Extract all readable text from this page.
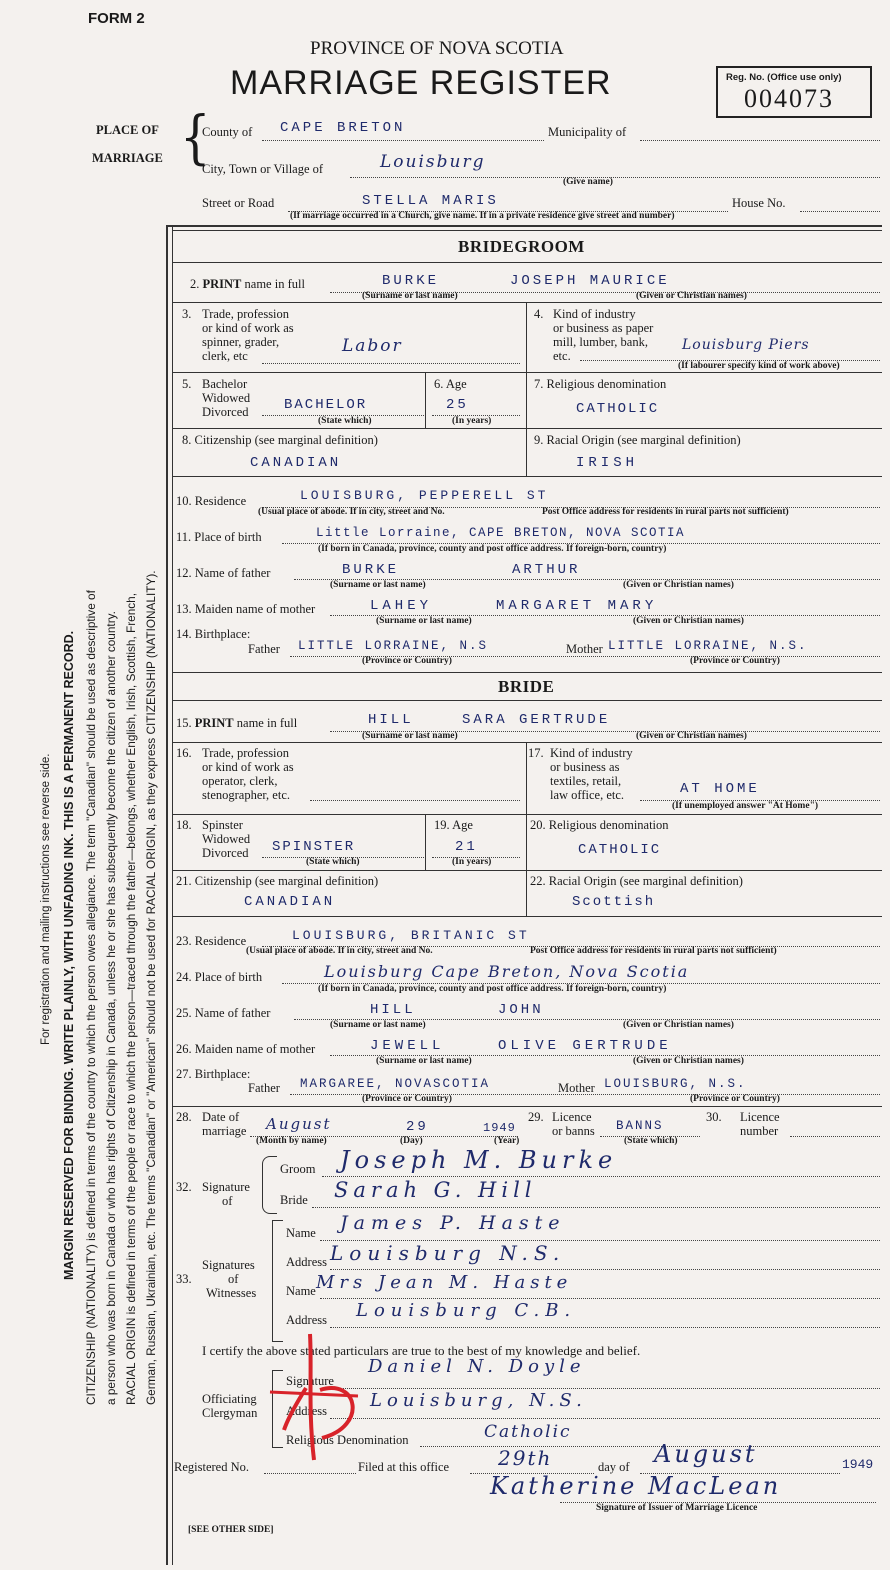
FORM 2
PROVINCE OF NOVA SCOTIA
MARRIAGE REGISTER	Reg. No. (Office use only)
004073
For registration and mailing instructions see reverse side. MARGIN RESERVED FOR BINDING. WRITE PLAINLY, WITH UNFADING INK. THIS IS A PERMANENT RECORD. CITIZENSHIP (NATIONALITY) is defined in terms of the country to which the person owes allegiance. The term "Canadian" should be used as descriptive of a person who was born in Canada or who has rights of Citizenship in Canada, unless he or she has subsequently become the citizen of another country. RACIAL ORIGIN is defined in terms of the people or race to which the person—traced through the father—belongs, whether English, Irish, Scottish, French, German, Russian, Ukrainian, etc. The terms "Canadian" or "American" should not be used for RACIAL ORIGIN, as they express CITIZENSHIP (NATIONALITY).
PLACE OF
MARRIAGE {
County of CAPE BRETON	Municipality of
City, Town or Village of	Louisburg
(Give name)
Street or Road	STELLA MARIS	House No.
(If marriage occurred in a Church, give name. If in a private residence give street and number)
BRIDEGROOM
2. PRINT name in full	BURKE	JOSEPH MAURICE
(Surname or last name)	(Given or Christian names)
3. Trade, profession
or kind of work as
spinner, grader,
clerk, etc	Labor
4. Kind of industry
or business as paper
mill, lumber, bank,
etc.
Louisburg Piers
(If labourer specify kind of work above)
5. Bachelor
Widowed
Divorced	BACHELOR
(State which)
6. Age
25
(In years)
7. Religious denomination
CATHOLIC
8. Citizenship (see marginal definition)
CANADIAN
9. Racial Origin (see marginal definition)
IRISH
10. Residence	LOUISBURG, PEPPERELL ST
(Usual place of abode. If in city, street and No.	Post Office address for residents in rural parts not sufficient)
11. Place of birth	Little Lorraine, CAPE BRETON, NOVA SCOTIA
(If born in Canada, province, county and post office address. If foreign-born, country)
12. Name of father	BURKE	ARTHUR
(Surname or last name)	(Given or Christian names)
13. Maiden name of mother	LAHEY	MARGARET MARY
(Surname or last name)	(Given or Christian names)
14. Birthplace:
Father LITTLE LORRAINE, N.S	Mother LITTLE LORRAINE, N.S.
(Province or Country)	(Province or Country)
BRIDE
15. PRINT name in full	HILL	SARA GERTRUDE
(Surname or last name)	(Given or Christian names)
16. Trade, profession
or kind of work as
operator, clerk,
stenographer, etc.
17. Kind of industry
or business as
textiles, retail,
law office, etc.	AT HOME
(If unemployed answer "At Home")
18. Spinster
Widowed
Divorced SPINSTER
(State which)
19. Age
21
(In years)
20. Religious denomination
CATHOLIC
21. Citizenship (see marginal definition)
CANADIAN
22. Racial Origin (see marginal definition)
Scottish
23. Residence	LOUISBURG, BRITANIC ST
(Usual place of abode. If in city, street and No.	Post Office address for residents in rural parts not sufficient)
24. Place of birth	Louisburg Cape Breton, Nova Scotia
(If born in Canada, province, county and post office address. If foreign-born, country)
25. Name of father	HILL	JOHN
(Surname or last name)	(Given or Christian names)
26. Maiden name of mother	JEWELL	OLIVE GERTRUDE
(Surname or last name)	(Given or Christian names)
27. Birthplace:
Father MARGAREE, NOVASCOTIA	Mother LOUISBURG, N.S.
(Province or Country)	(Province or Country)
28. Date of
marriage August	29	1949
(Month by name)	(Day)	(Year)
29. Licence
or banns BANNS
(State which)
30. Licence
number
32. Signature
of
Groom Joseph M. Burke
Bride Sarah G. Hill
Signatures
33.	of
Witnesses
Name James P. Haste
Address Louisburg N.S.
Name Mrs Jean M. Haste
Address Louisburg C.B.
I certify the above stated particulars are true to the best of my knowledge and belief.
Officiating
Clergyman
Signature
Daniel N. Doyle
Address Louisburg, N.S.
Religious Denomination	Catholic
Registered No.	Filed at this office 29th	day of August	1949
Katherine MacLean
Signature of Issuer of Marriage Licence
[SEE OTHER SIDE]
